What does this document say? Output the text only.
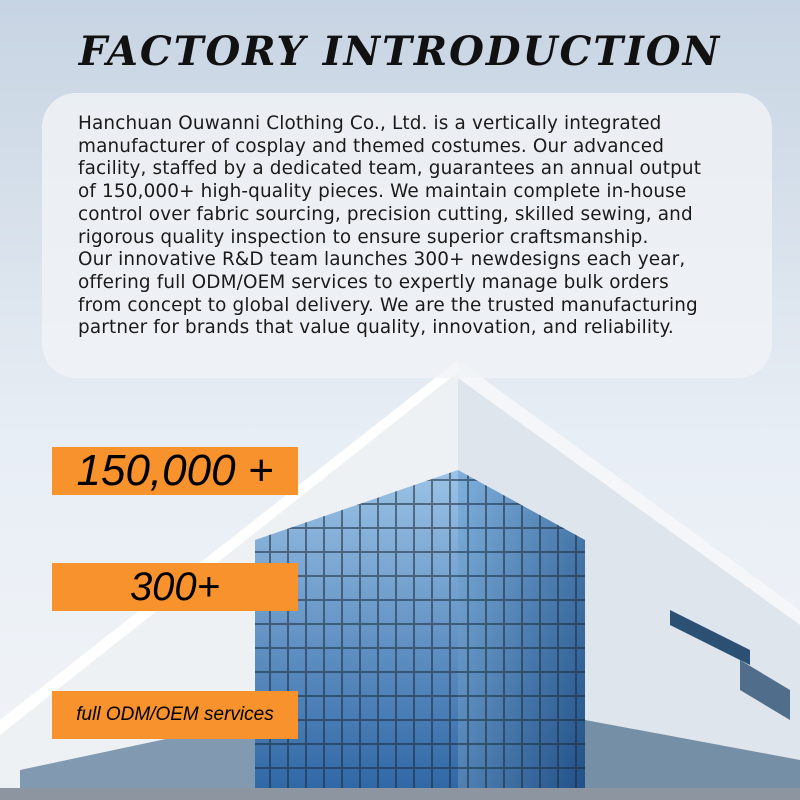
FACTORY INTRODUCTION
Hanchuan Ouwanni Clothing Co., Ltd. is a vertically integrated
manufacturer of cosplay and themed costumes. Our advanced
facility, staffed by a dedicated team, guarantees an annual output
of 150,000+ high-quality pieces. We maintain complete in-house
control over fabric sourcing, precision cutting, skilled sewing, and
rigorous quality inspection to ensure superior craftsmanship.
Our innovative R&D team launches 300+ newdesigns each year,
offering full ODM/OEM services to expertly manage bulk orders
from concept to global delivery. We are the trusted manufacturing
partner for brands that value quality, innovation, and reliability.
150,000 +
300+
full ODM/OEM services
